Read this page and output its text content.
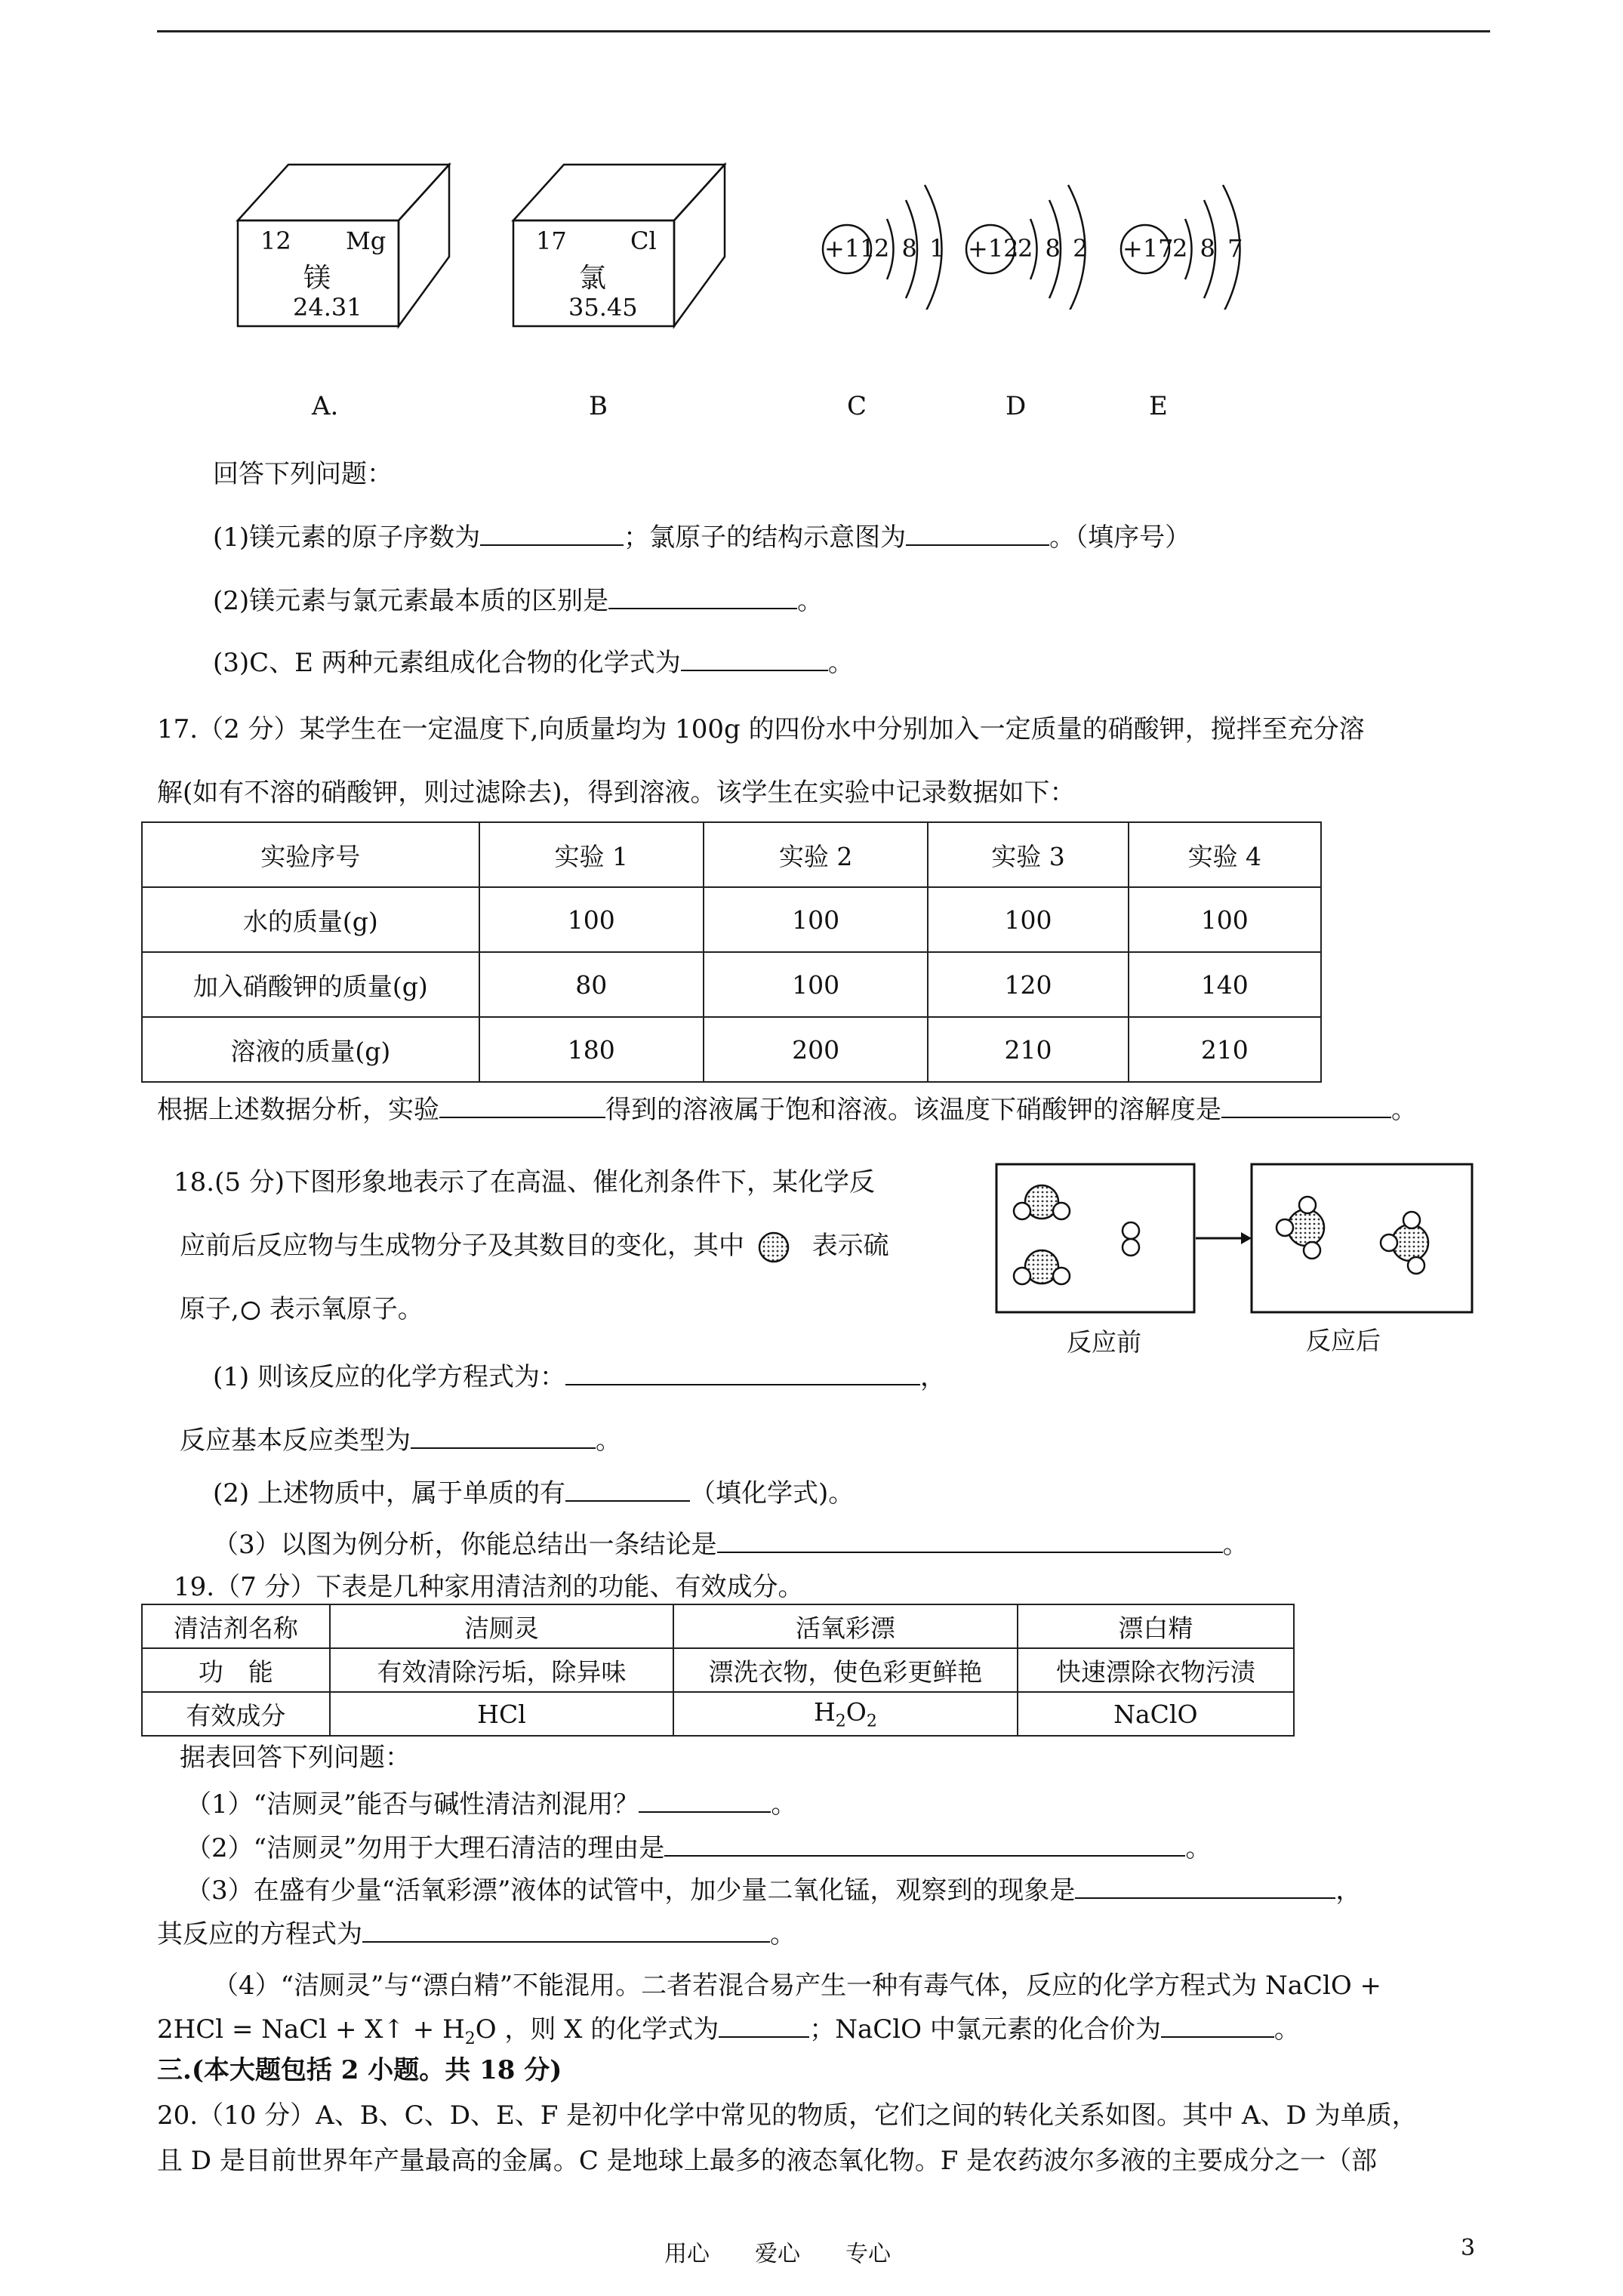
12 Mg
镁
24.31
17	Cl
氯
35.45
+11
2 8 1 +12
2 8 2 +17
2 8 7
A.	B	C	D	E
回答下列问题：
(1)镁元素的原子序数为	；氯原子的结构示意图为	。（填序号）
(2)镁元素与氯元素最本质的区别是	。
(3)C、E 两种元素组成化合物的化学式为	。
17.（2 分）某学生在一定温度下,向质量均为 100g 的四份水中分别加入一定质量的硝酸钾，搅拌至充分溶
解(如有不溶的硝酸钾，则过滤除去)，得到溶液。该学生在实验中记录数据如下：
实验序号	实验 1	实验 2	实验 3	实验 4
水的质量(g)	100	100	100	100
加入硝酸钾的质量(g)	80	100	120	140
溶液的质量(g)	180	200	210	210
根据上述数据分析，实验	得到的溶液属于饱和溶液。该温度下硝酸钾的溶解度是	。
18.(5 分)下图形象地表示了在高温、催化剂条件下，某化学反
应前后反应物与生成物分子及其数目的变化，其中	表示硫
原子, 表示氧原子。
反应前	反应后
(1) 则该反应的化学方程式为：	，
反应基本反应类型为	。
(2) 上述物质中，属于单质的有	（填化学式)。
（3）以图为例分析，你能总结出一条结论是	。
19.（7 分）下表是几种家用清洁剂的功能、有效成分。
清洁剂名称	洁厕灵	活氧彩漂	漂白精
功　能	有效清除污垢，除异味	漂洗衣物，使色彩更鲜艳	快速漂除衣物污渍
有效成分	HCl	$H_2O_2$	NaClO
据表回答下列问题：
（1）“洁厕灵”能否与碱性清洁剂混用？	。
（2）“洁厕灵”勿用于大理石清洁的理由是	。
（3）在盛有少量“活氧彩漂”液体的试管中，加少量二氧化锰，观察到的现象是	，
其反应的方程式为	。
（4）“洁厕灵”与“漂白精”不能混用。二者若混合易产生一种有毒气体，反应的化学方程式为 NaClO +
2HCl = NaCl + X↑ + $H_2O$ ，则 X 的化学式为	；NaClO 中氯元素的化合价为	。
三.(本大题包括 2 小题。共 18 分)
20.（10 分）A、B、C、D、E、F 是初中化学中常见的物质，它们之间的转化关系如图。其中 A、D 为单质，
且 D 是目前世界年产量最高的金属。C 是地球上最多的液态氧化物。F 是农药波尔多液的主要成分之一（部
用心　　爱心　　专心	3
